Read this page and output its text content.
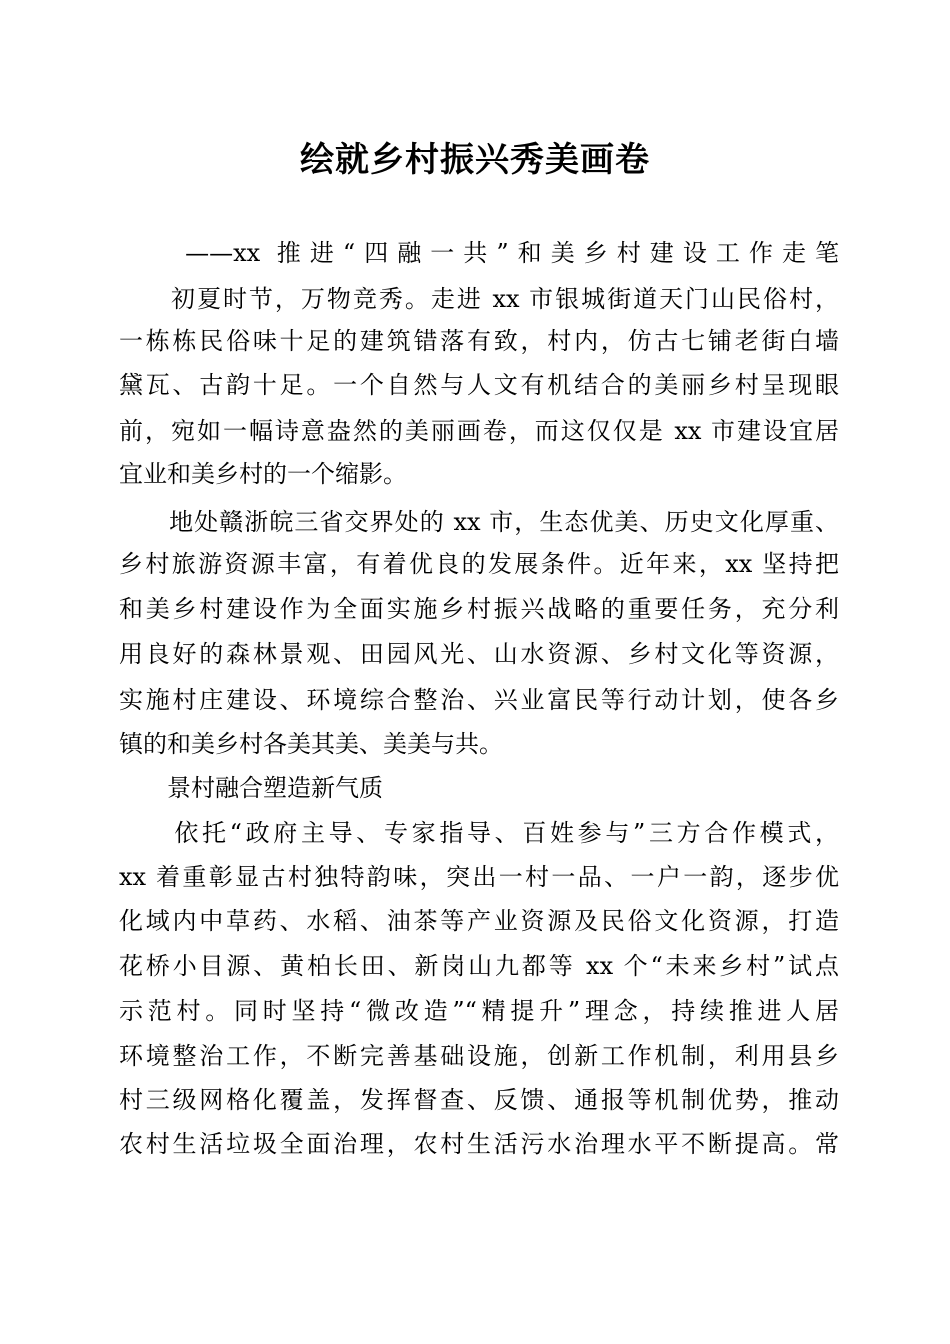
绘就乡村振兴秀美画卷
　　——xx 推进“四融一共”和美乡村建设工作走笔
　　初夏时节，万物竞秀。走进 xx 市银城街道天门山民俗村，
一栋栋民俗味十足的建筑错落有致，村内，仿古七铺老街白墙
黛瓦、古韵十足。一个自然与人文有机结合的美丽乡村呈现眼
前，宛如一幅诗意盎然的美丽画卷，而这仅仅是 xx 市建设宜居
宜业和美乡村的一个缩影。
　　地处赣浙皖三省交界处的 xx 市，生态优美、历史文化厚重、
乡村旅游资源丰富，有着优良的发展条件。近年来，xx 坚持把
和美乡村建设作为全面实施乡村振兴战略的重要任务，充分利
用良好的森林景观、田园风光、山水资源、乡村文化等资源，
实施村庄建设、环境综合整治、兴业富民等行动计划，使各乡
镇的和美乡村各美其美、美美与共。
　　景村融合塑造新气质
　　依托“政府主导、专家指导、百姓参与”三方合作模式，
xx 着重彰显古村独特韵味，突出一村一品、一户一韵，逐步优
化域内中草药、水稻、油茶等产业资源及民俗文化资源，打造
花桥小目源、黄柏长田、新岗山九都等 xx 个“未来乡村”试点
示范村。同时坚持“微改造”“精提升”理念，持续推进人居
环境整治工作，不断完善基础设施，创新工作机制，利用县乡
村三级网格化覆盖，发挥督查、反馈、通报等机制优势，推动
农村生活垃圾全面治理，农村生活污水治理水平不断提高。常
